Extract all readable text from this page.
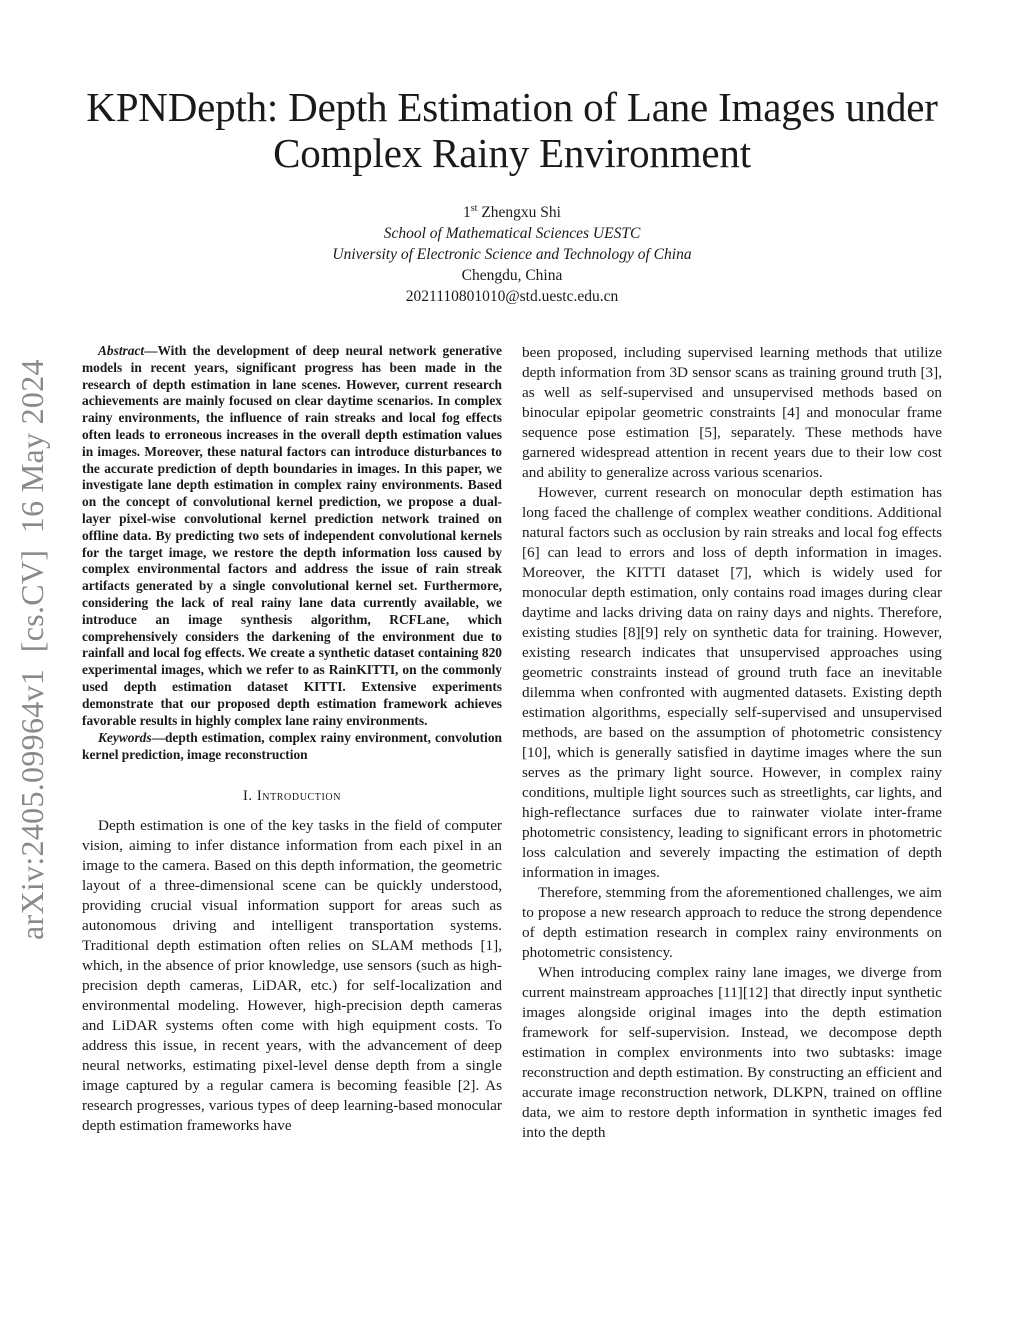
KPNDepth: Depth Estimation of Lane Images under Complex Rainy Environment
1st Zhengxu Shi
School of Mathematical Sciences UESTC
University of Electronic Science and Technology of China
Chengdu, China
2021110801010@std.uestc.edu.cn
arXiv:2405.09964v1  [cs.CV]  16 May 2024

Abstract—With the development of deep neural network generative models in recent years, significant progress has been made in the research of depth estimation in lane scenes. However, current research achievements are mainly focused on clear daytime scenarios. In complex rainy environments, the influence of rain streaks and local fog effects often leads to erroneous increases in the overall depth estimation values in images. Moreover, these natural factors can introduce disturbances to the accurate prediction of depth boundaries in images. In this paper, we investigate lane depth estimation in complex rainy environments. Based on the concept of convolutional kernel prediction, we propose a dual-layer pixel-wise convolutional kernel prediction network trained on offline data. By predicting two sets of independent convolutional kernels for the target image, we restore the depth information loss caused by complex environmental factors and address the issue of rain streak artifacts generated by a single convolutional kernel set. Furthermore, considering the lack of real rainy lane data currently available, we introduce an image synthesis algorithm, RCFLane, which comprehensively considers the darkening of the environment due to rainfall and local fog effects. We create a synthetic dataset containing 820 experimental images, which we refer to as RainKITTI, on the commonly used depth estimation dataset KITTI. Extensive experiments demonstrate that our proposed depth estimation framework achieves favorable results in highly complex lane rainy environments.

Keywords—depth estimation, complex rainy environment, convolution kernel prediction, image reconstruction

I. Introduction

Depth estimation is one of the key tasks in the field of computer vision, aiming to infer distance information from each pixel in an image to the camera. Based on this depth information, the geometric layout of a three-dimensional scene can be quickly understood, providing crucial visual information support for areas such as autonomous driving and intelligent transportation systems. Traditional depth estimation often relies on SLAM methods [1], which, in the absence of prior knowledge, use sensors (such as high-precision depth cameras, LiDAR, etc.) for self-localization and environmental modeling. However, high-precision depth cameras and LiDAR systems often come with high equipment costs. To address this issue, in recent years, with the advancement of deep neural networks, estimating pixel-level dense depth from a single image captured by a regular camera is becoming feasible [2]. As research progresses, various types of deep learning-based monocular depth estimation frameworks have

been proposed, including supervised learning methods that utilize depth information from 3D sensor scans as training ground truth [3], as well as self-supervised and unsupervised methods based on binocular epipolar geometric constraints [4] and monocular frame sequence pose estimation [5], separately. These methods have garnered widespread attention in recent years due to their low cost and ability to generalize across various scenarios.

However, current research on monocular depth estimation has long faced the challenge of complex weather conditions. Additional natural factors such as occlusion by rain streaks and local fog effects [6] can lead to errors and loss of depth information in images. Moreover, the KITTI dataset [7], which is widely used for monocular depth estimation, only contains road images during clear daytime and lacks driving data on rainy days and nights. Therefore, existing studies [8][9] rely on synthetic data for training. However, existing research indicates that unsupervised approaches using geometric constraints instead of ground truth face an inevitable dilemma when confronted with augmented datasets. Existing depth estimation algorithms, especially self-supervised and unsupervised methods, are based on the assumption of photometric consistency [10], which is generally satisfied in daytime images where the sun serves as the primary light source. However, in complex rainy conditions, multiple light sources such as streetlights, car lights, and high-reflectance surfaces due to rainwater violate inter-frame photometric consistency, leading to significant errors in photometric loss calculation and severely impacting the estimation of depth information in images.

Therefore, stemming from the aforementioned challenges, we aim to propose a new research approach to reduce the strong dependence of depth estimation research in complex rainy environments on photometric consistency.

When introducing complex rainy lane images, we diverge from current mainstream approaches [11][12] that directly input synthetic images alongside original images into the depth estimation framework for self-supervision. Instead, we decompose depth estimation in complex environments into two subtasks: image reconstruction and depth estimation. By constructing an efficient and accurate image reconstruction network, DLKPN, trained on offline data, we aim to restore depth information in synthetic images fed into the depth
